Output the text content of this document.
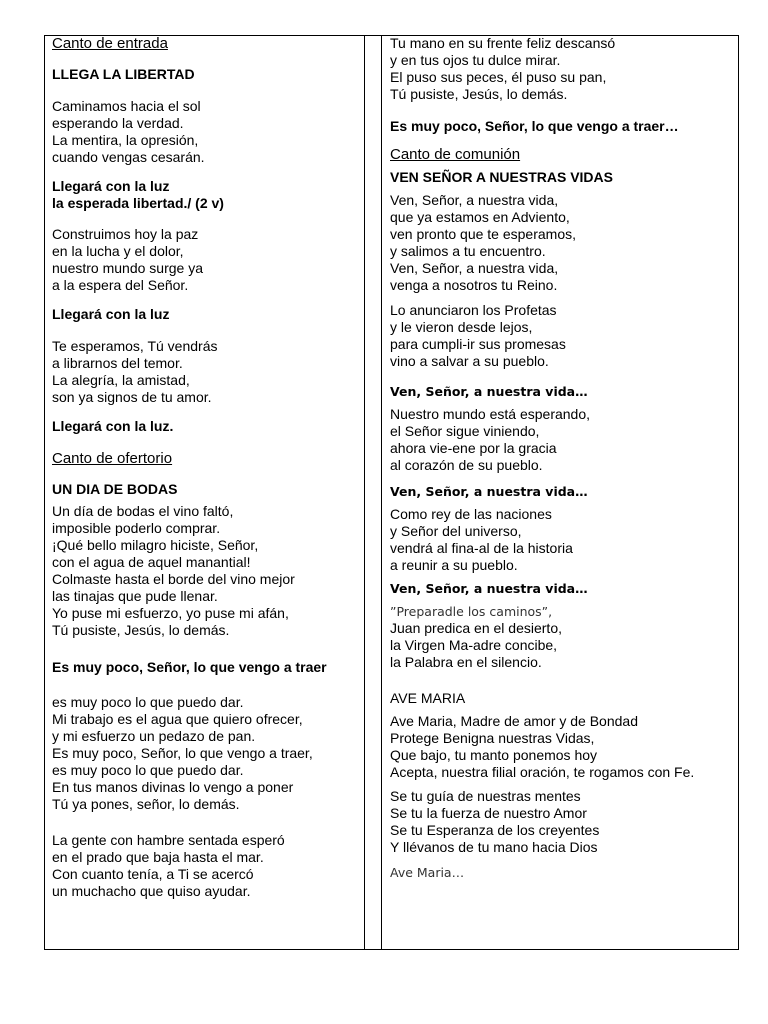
Canto de entrada
LLEGA LA LIBERTAD
Caminamos hacia el sol
esperando la verdad.
La mentira, la opresión,
cuando vengas cesarán.
Llegará con la luz
la esperada libertad./ (2 v)
Construimos hoy la paz
en la lucha y el dolor,
nuestro mundo surge ya
a la espera del Señor.
Llegará con la luz
Te esperamos, Tú vendrás
a librarnos del temor.
La alegría, la amistad,
son ya signos de tu amor.
Llegará con la luz.
Canto de ofertorio
UN DIA DE BODAS
Un día de bodas el vino faltó,
imposible poderlo comprar.
¡Qué bello milagro hiciste, Señor,
con el agua de aquel manantial!
Colmaste hasta el borde del vino mejor
las tinajas que pude llenar.
Yo puse mi esfuerzo, yo puse mi afán,
Tú pusiste, Jesús, lo demás.
Es muy poco, Señor, lo que vengo a traer
es muy poco lo que puedo dar.
Mi trabajo es el agua que quiero ofrecer,
y mi esfuerzo un pedazo de pan.
Es muy poco, Señor, lo que vengo a traer,
es muy poco lo que puedo dar.
En tus manos divinas lo vengo a poner
Tú ya pones, señor, lo demás.
La gente con hambre sentada esperó
en el prado que baja hasta el mar.
Con cuanto tenía, a Ti se acercó
un muchacho que quiso ayudar.
Tu mano en su frente feliz descansó
y en tus ojos tu dulce mirar.
El puso sus peces, él puso su pan,
Tú pusiste, Jesús, lo demás.
Es muy poco, Señor, lo que vengo a traer…
Canto de comunión
VEN SEÑOR A NUESTRAS VIDAS
Ven, Señor, a nuestra vida,
que ya estamos en Adviento,
ven pronto que te esperamos,
y salimos a tu encuentro.
Ven, Señor, a nuestra vida,
venga a nosotros tu Reino.
Lo anunciaron los Profetas
y le vieron desde lejos,
para cumpli-ir sus promesas
vino a salvar a su pueblo.
Ven, Señor, a nuestra vida…
Nuestro mundo está esperando,
el Señor sigue viniendo,
ahora vie-ene por la gracia
al corazón de su pueblo.
Ven, Señor, a nuestra vida…
Como rey de las naciones
y Señor del universo,
vendrá al fina-al de la historia
a reunir a su pueblo.
Ven, Señor, a nuestra vida…
”Preparadle los caminos”,
Juan predica en el desierto,
la Virgen Ma-adre concibe,
la Palabra en el silencio.
AVE MARIA
Ave Maria, Madre de amor y de Bondad
Protege Benigna nuestras Vidas,
Que bajo, tu manto ponemos hoy
Acepta, nuestra filial oración, te rogamos con Fe.
Se tu guía de nuestras mentes
Se tu la fuerza de nuestro Amor
Se tu Esperanza de los creyentes
Y llévanos de tu mano hacia Dios
Ave Maria…
